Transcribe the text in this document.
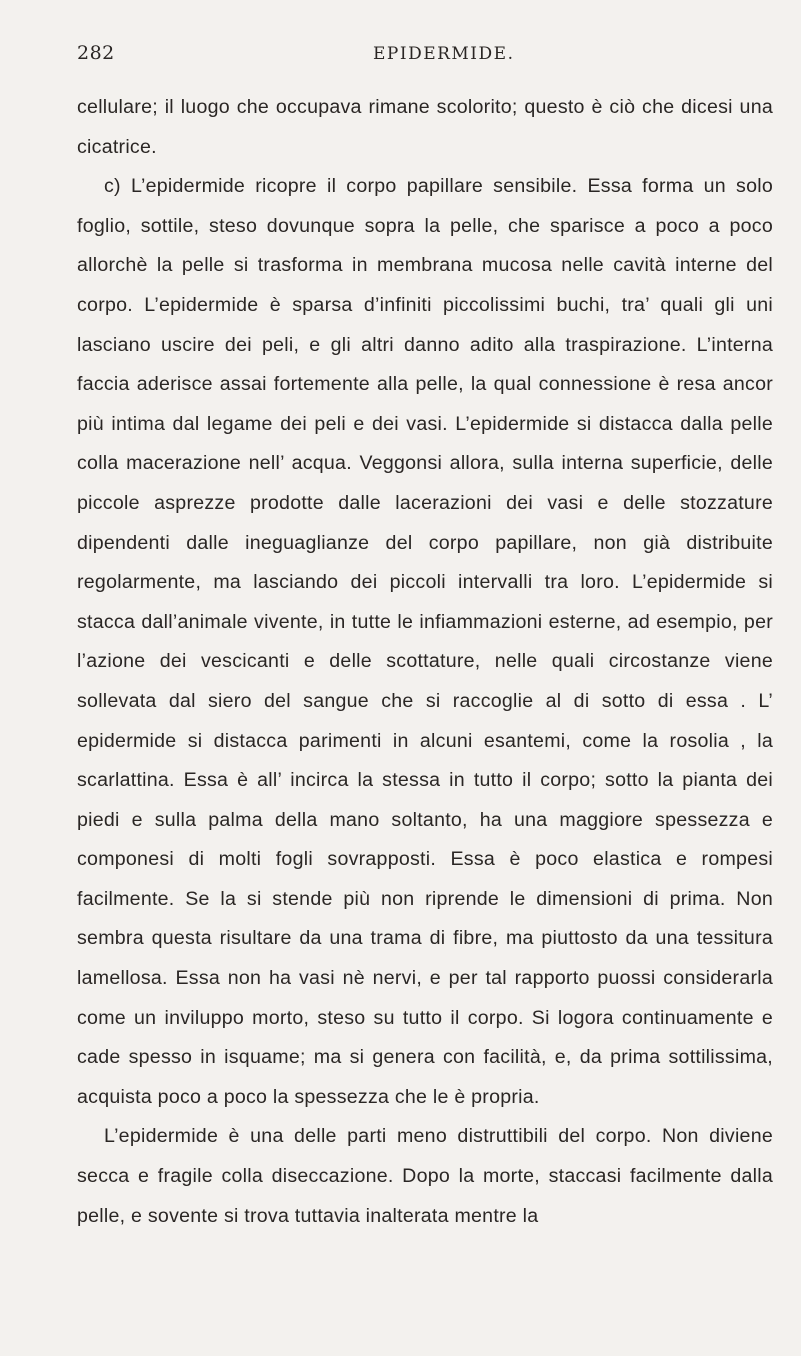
282	EPIDERMIDE.

cellulare; il luogo che occupava rimane scolorito; questo è ciò che dicesi una cicatrice.

c) L’epidermide ricopre il corpo papillare sensibile. Essa forma un solo foglio, sottile, steso dovunque sopra la pelle, che sparisce a poco a poco allorchè la pelle si trasforma in membrana mucosa nelle cavità interne del corpo. L’epidermide è sparsa d’infiniti piccolissimi buchi, tra’ quali gli uni lasciano uscire dei peli, e gli altri danno adito alla traspirazione. L’interna faccia aderisce assai fortemente alla pelle, la qual connessione è resa ancor più intima dal legame dei peli e dei vasi. L’epidermide si distacca dalla pelle colla macerazione nell’ acqua. Veggonsi allora, sulla interna superficie, delle piccole asprezze prodotte dalle lacerazioni dei vasi e delle stozzature dipendenti dalle ineguaglianze del corpo papillare, non già distribuite regolarmente, ma lasciando dei piccoli intervalli tra loro. L’epidermide si stacca dall’animale vivente, in tutte le infiammazioni esterne, ad esempio, per l’azione dei vescicanti e delle scottature, nelle quali circostanze viene sollevata dal siero del sangue che si raccoglie al di sotto di essa . L’ epidermide si distacca parimenti in alcuni esantemi, come la rosolia , la scarlattina. Essa è all’ incirca la stessa in tutto il corpo; sotto la pianta dei piedi e sulla palma della mano soltanto, ha una maggiore spessezza e componesi di molti fogli sovrapposti. Essa è poco elastica e rompesi facilmente. Se la si stende più non riprende le dimensioni di prima. Non sembra questa risultare da una trama di fibre, ma piuttosto da una tessitura lamellosa. Essa non ha vasi nè nervi, e per tal rapporto puossi considerarla come un inviluppo morto, steso su tutto il corpo. Si logora continuamente e cade spesso in isquame; ma si genera con facilità, e, da prima sottilissima, acquista poco a poco la spessezza che le è propria.

L’epidermide è una delle parti meno distruttibili del corpo. Non diviene secca e fragile colla diseccazione. Dopo la morte, staccasi facilmente dalla pelle, e sovente si trova tuttavia inalterata mentre la
